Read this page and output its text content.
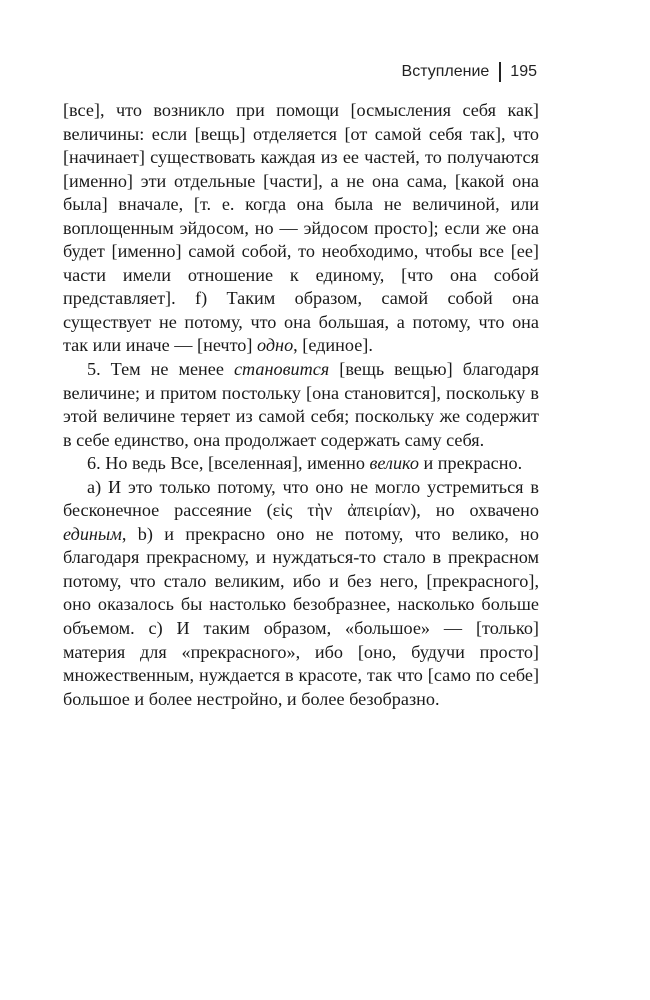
Вступление 195

[все], что возникло при помощи [осмысления себя как] величины: если [вещь] отделяется [от самой себя так], что [начинает] существовать каждая из ее частей, то получаются [именно] эти отдельные [части], а не она сама, [какой она была] вначале, [т. е. когда она была не величиной, или воплощенным эйдосом, но — эйдосом просто]; если же она будет [именно] самой собой, то необходимо, чтобы все [ее] части имели отношение к единому, [что она собой представляет]. f) Таким образом, самой собой она существует не потому, что она большая, а потому, что она так или иначе — [нечто] одно, [единое].

5. Тем не менее становится [вещь вещью] благодаря величине; и притом постольку [она становится], поскольку в этой величине теряет из самой себя; поскольку же содержит в себе единство, она продолжает содержать саму себя.

6. Но ведь Все, [вселенная], именно велико и прекрасно.

a) И это только потому, что оно не могло устремиться в бесконечное рассеяние (εἰς τὴν ἀπειρίαν), но охвачено единым, b) и прекрасно оно не потому, что велико, но благодаря прекрасному, и нуждаться-то стало в прекрасном потому, что стало великим, ибо и без него, [прекрасного], оно оказалось бы настолько безобразнее, насколько больше объемом. c) И таким образом, «большое» — [только] материя для «прекрасного», ибо [оно, будучи просто] множественным, нуждается в красоте, так что [само по себе] большое и более нестройно, и более безобразно.
